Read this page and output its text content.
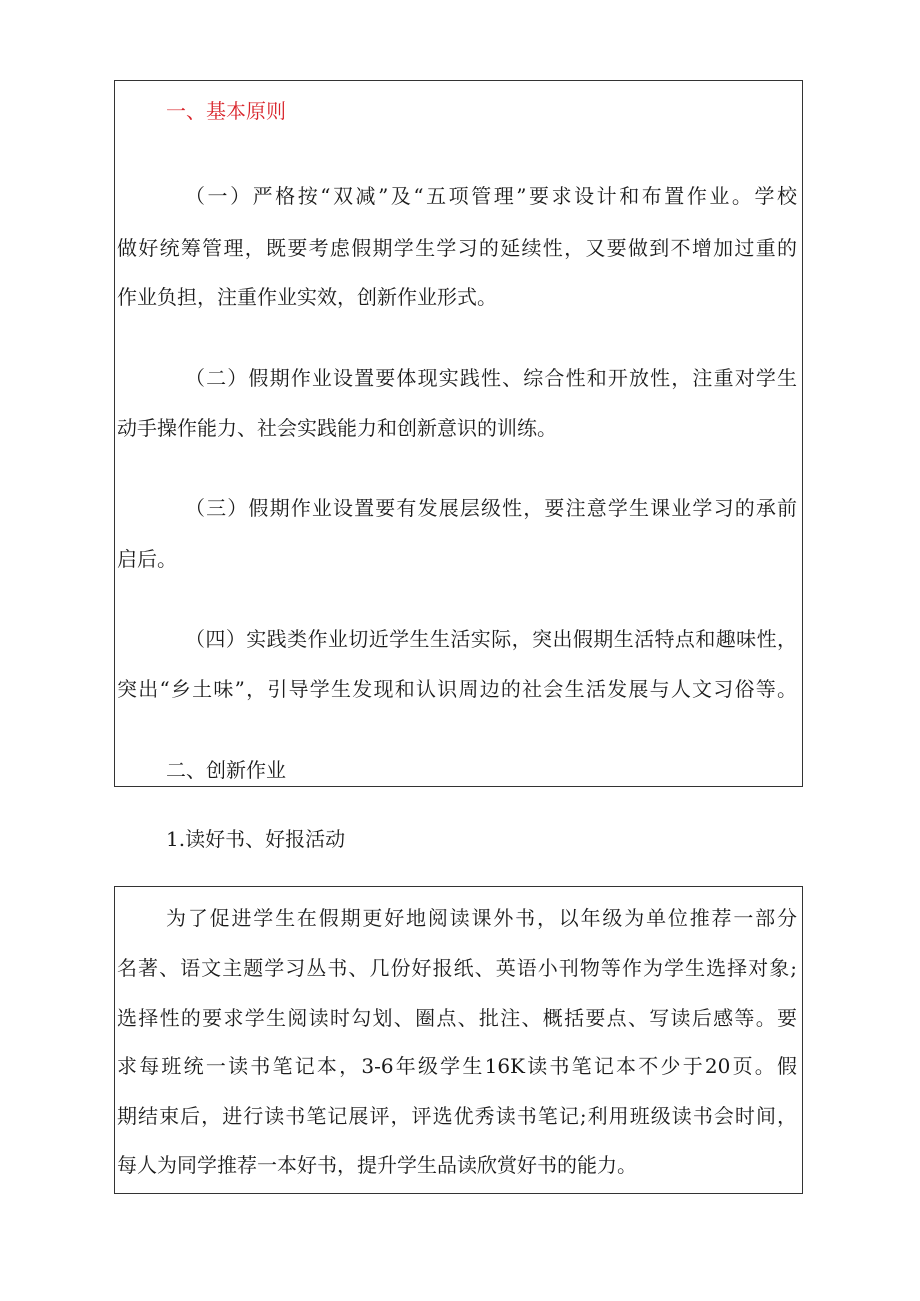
一、基本原则
（一）严格按“双减”及“五项管理”要求设计和布置作业。学校
做好统筹管理，既要考虑假期学生学习的延续性，又要做到不增加过重的
作业负担，注重作业实效，创新作业形式。
（二）假期作业设置要体现实践性、综合性和开放性，注重对学生
动手操作能力、社会实践能力和创新意识的训练。
（三）假期作业设置要有发展层级性，要注意学生课业学习的承前
启后。
（四）实践类作业切近学生生活实际，突出假期生活特点和趣味性，
突出“乡土味”，引导学生发现和认识周边的社会生活发展与人文习俗等。
二、创新作业
1.读好书、好报活动
为了促进学生在假期更好地阅读课外书，以年级为单位推荐一部分
名著、语文主题学习丛书、几份好报纸、英语小刊物等作为学生选择对象;
选择性的要求学生阅读时勾划、圈点、批注、概括要点、写读后感等。要
求每班统一读书笔记本，3-6年级学生16K读书笔记本不少于20页。假
期结束后，进行读书笔记展评，评选优秀读书笔记;利用班级读书会时间，
每人为同学推荐一本好书，提升学生品读欣赏好书的能力。
